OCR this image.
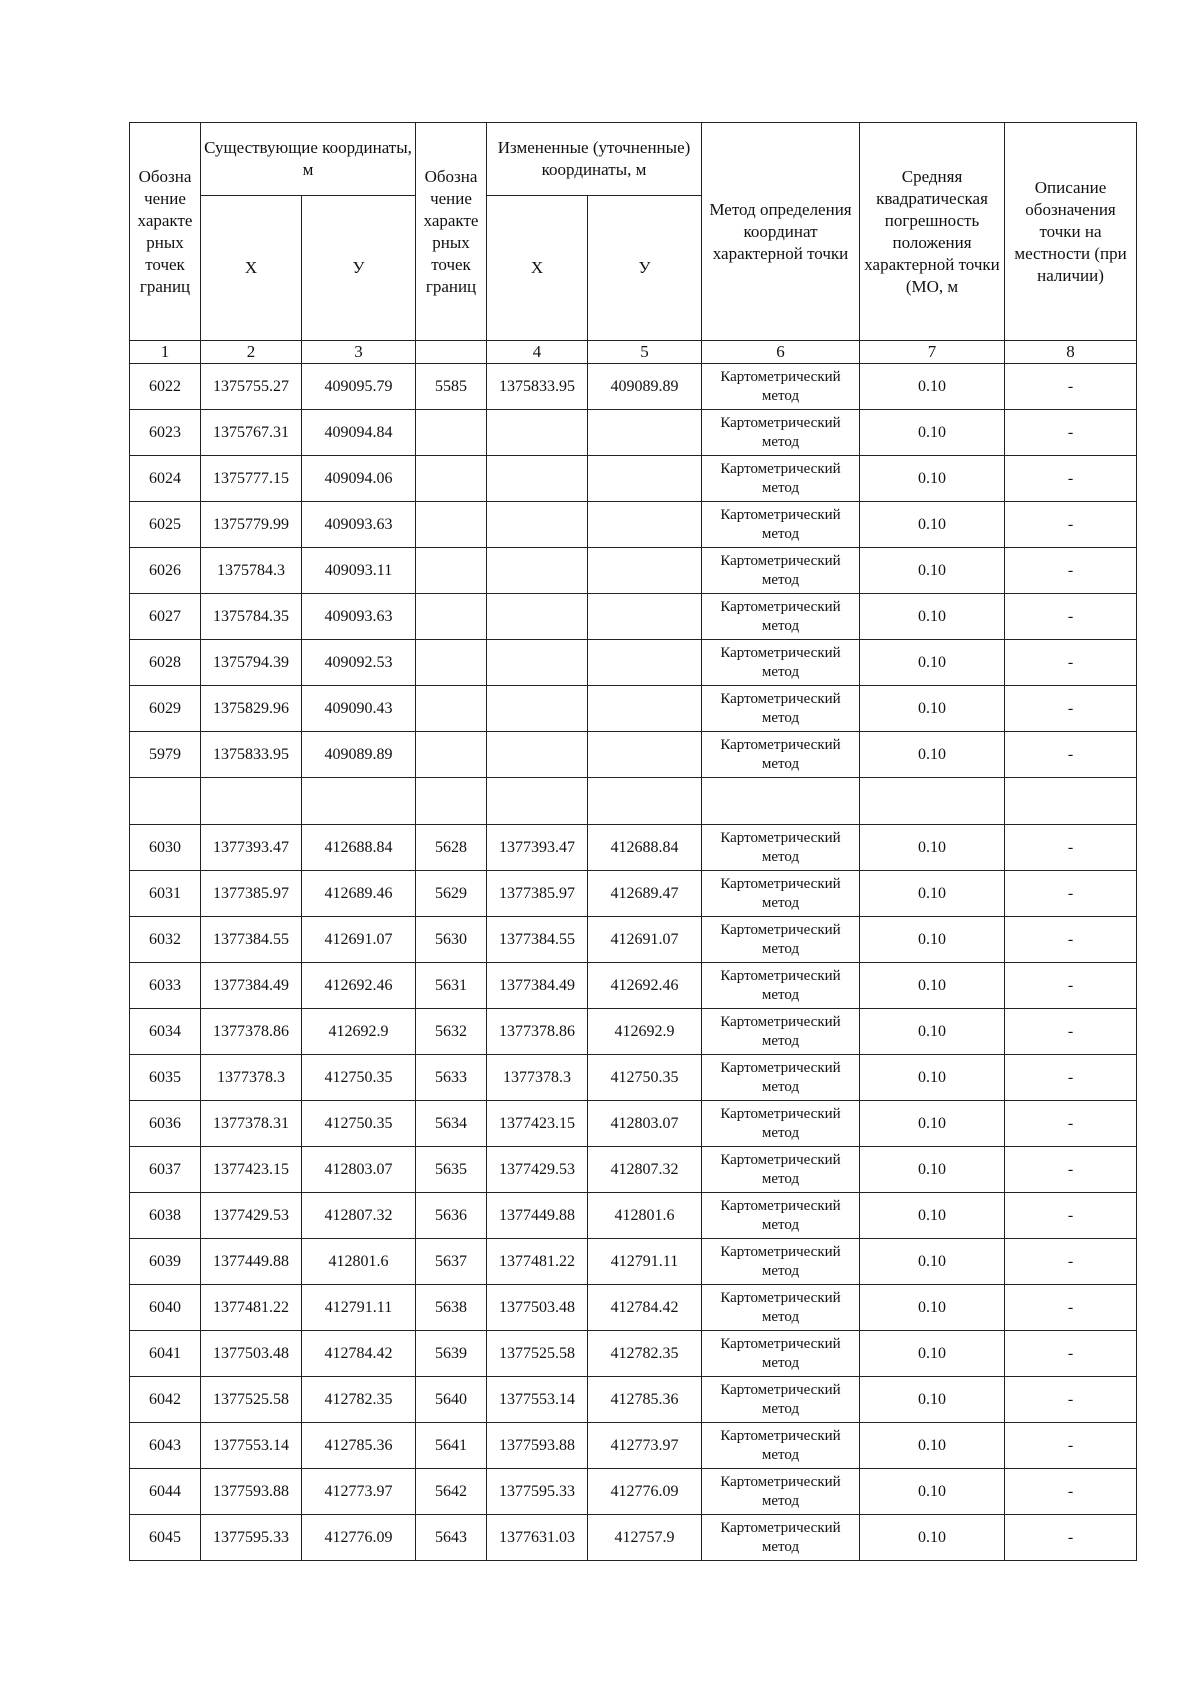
Обозна чение характе рных точек границ	Существующие координаты, м		Обозна чение характе рных точек границ	Измененные (уточненные) координаты, м		Метод определения координат характерной точки	Средняя квадратическая погрешность положения характерной точки (МО, м	Описание обозначения точки на местности (при наличии)
	Х	У		Х	У			
1	2	3		4	5	6	7	8
6022	1375755.27	409095.79	5585	1375833.95	409089.89	Картометрический метод	0.10	-
6023	1375767.31	409094.84				Картометрический метод	0.10	-
6024	1375777.15	409094.06				Картометрический метод	0.10	-
6025	1375779.99	409093.63				Картометрический метод	0.10	-
6026	1375784.3	409093.11				Картометрический метод	0.10	-
6027	1375784.35	409093.63				Картометрический метод	0.10	-
6028	1375794.39	409092.53				Картометрический метод	0.10	-
6029	1375829.96	409090.43				Картометрический метод	0.10	-
5979	1375833.95	409089.89				Картометрический метод	0.10	-

6030	1377393.47	412688.84	5628	1377393.47	412688.84	Картометрический метод	0.10	-
6031	1377385.97	412689.46	5629	1377385.97	412689.47	Картометрический метод	0.10	-
6032	1377384.55	412691.07	5630	1377384.55	412691.07	Картометрический метод	0.10	-
6033	1377384.49	412692.46	5631	1377384.49	412692.46	Картометрический метод	0.10	-
6034	1377378.86	412692.9	5632	1377378.86	412692.9	Картометрический метод	0.10	-
6035	1377378.3	412750.35	5633	1377378.3	412750.35	Картометрический метод	0.10	-
6036	1377378.31	412750.35	5634	1377423.15	412803.07	Картометрический метод	0.10	-
6037	1377423.15	412803.07	5635	1377429.53	412807.32	Картометрический метод	0.10	-
6038	1377429.53	412807.32	5636	1377449.88	412801.6	Картометрический метод	0.10	-
6039	1377449.88	412801.6	5637	1377481.22	412791.11	Картометрический метод	0.10	-
6040	1377481.22	412791.11	5638	1377503.48	412784.42	Картометрический метод	0.10	-
6041	1377503.48	412784.42	5639	1377525.58	412782.35	Картометрический метод	0.10	-
6042	1377525.58	412782.35	5640	1377553.14	412785.36	Картометрический метод	0.10	-
6043	1377553.14	412785.36	5641	1377593.88	412773.97	Картометрический метод	0.10	-
6044	1377593.88	412773.97	5642	1377595.33	412776.09	Картометрический метод	0.10	-
6045	1377595.33	412776.09	5643	1377631.03	412757.9	Картометрический метод	0.10	-
